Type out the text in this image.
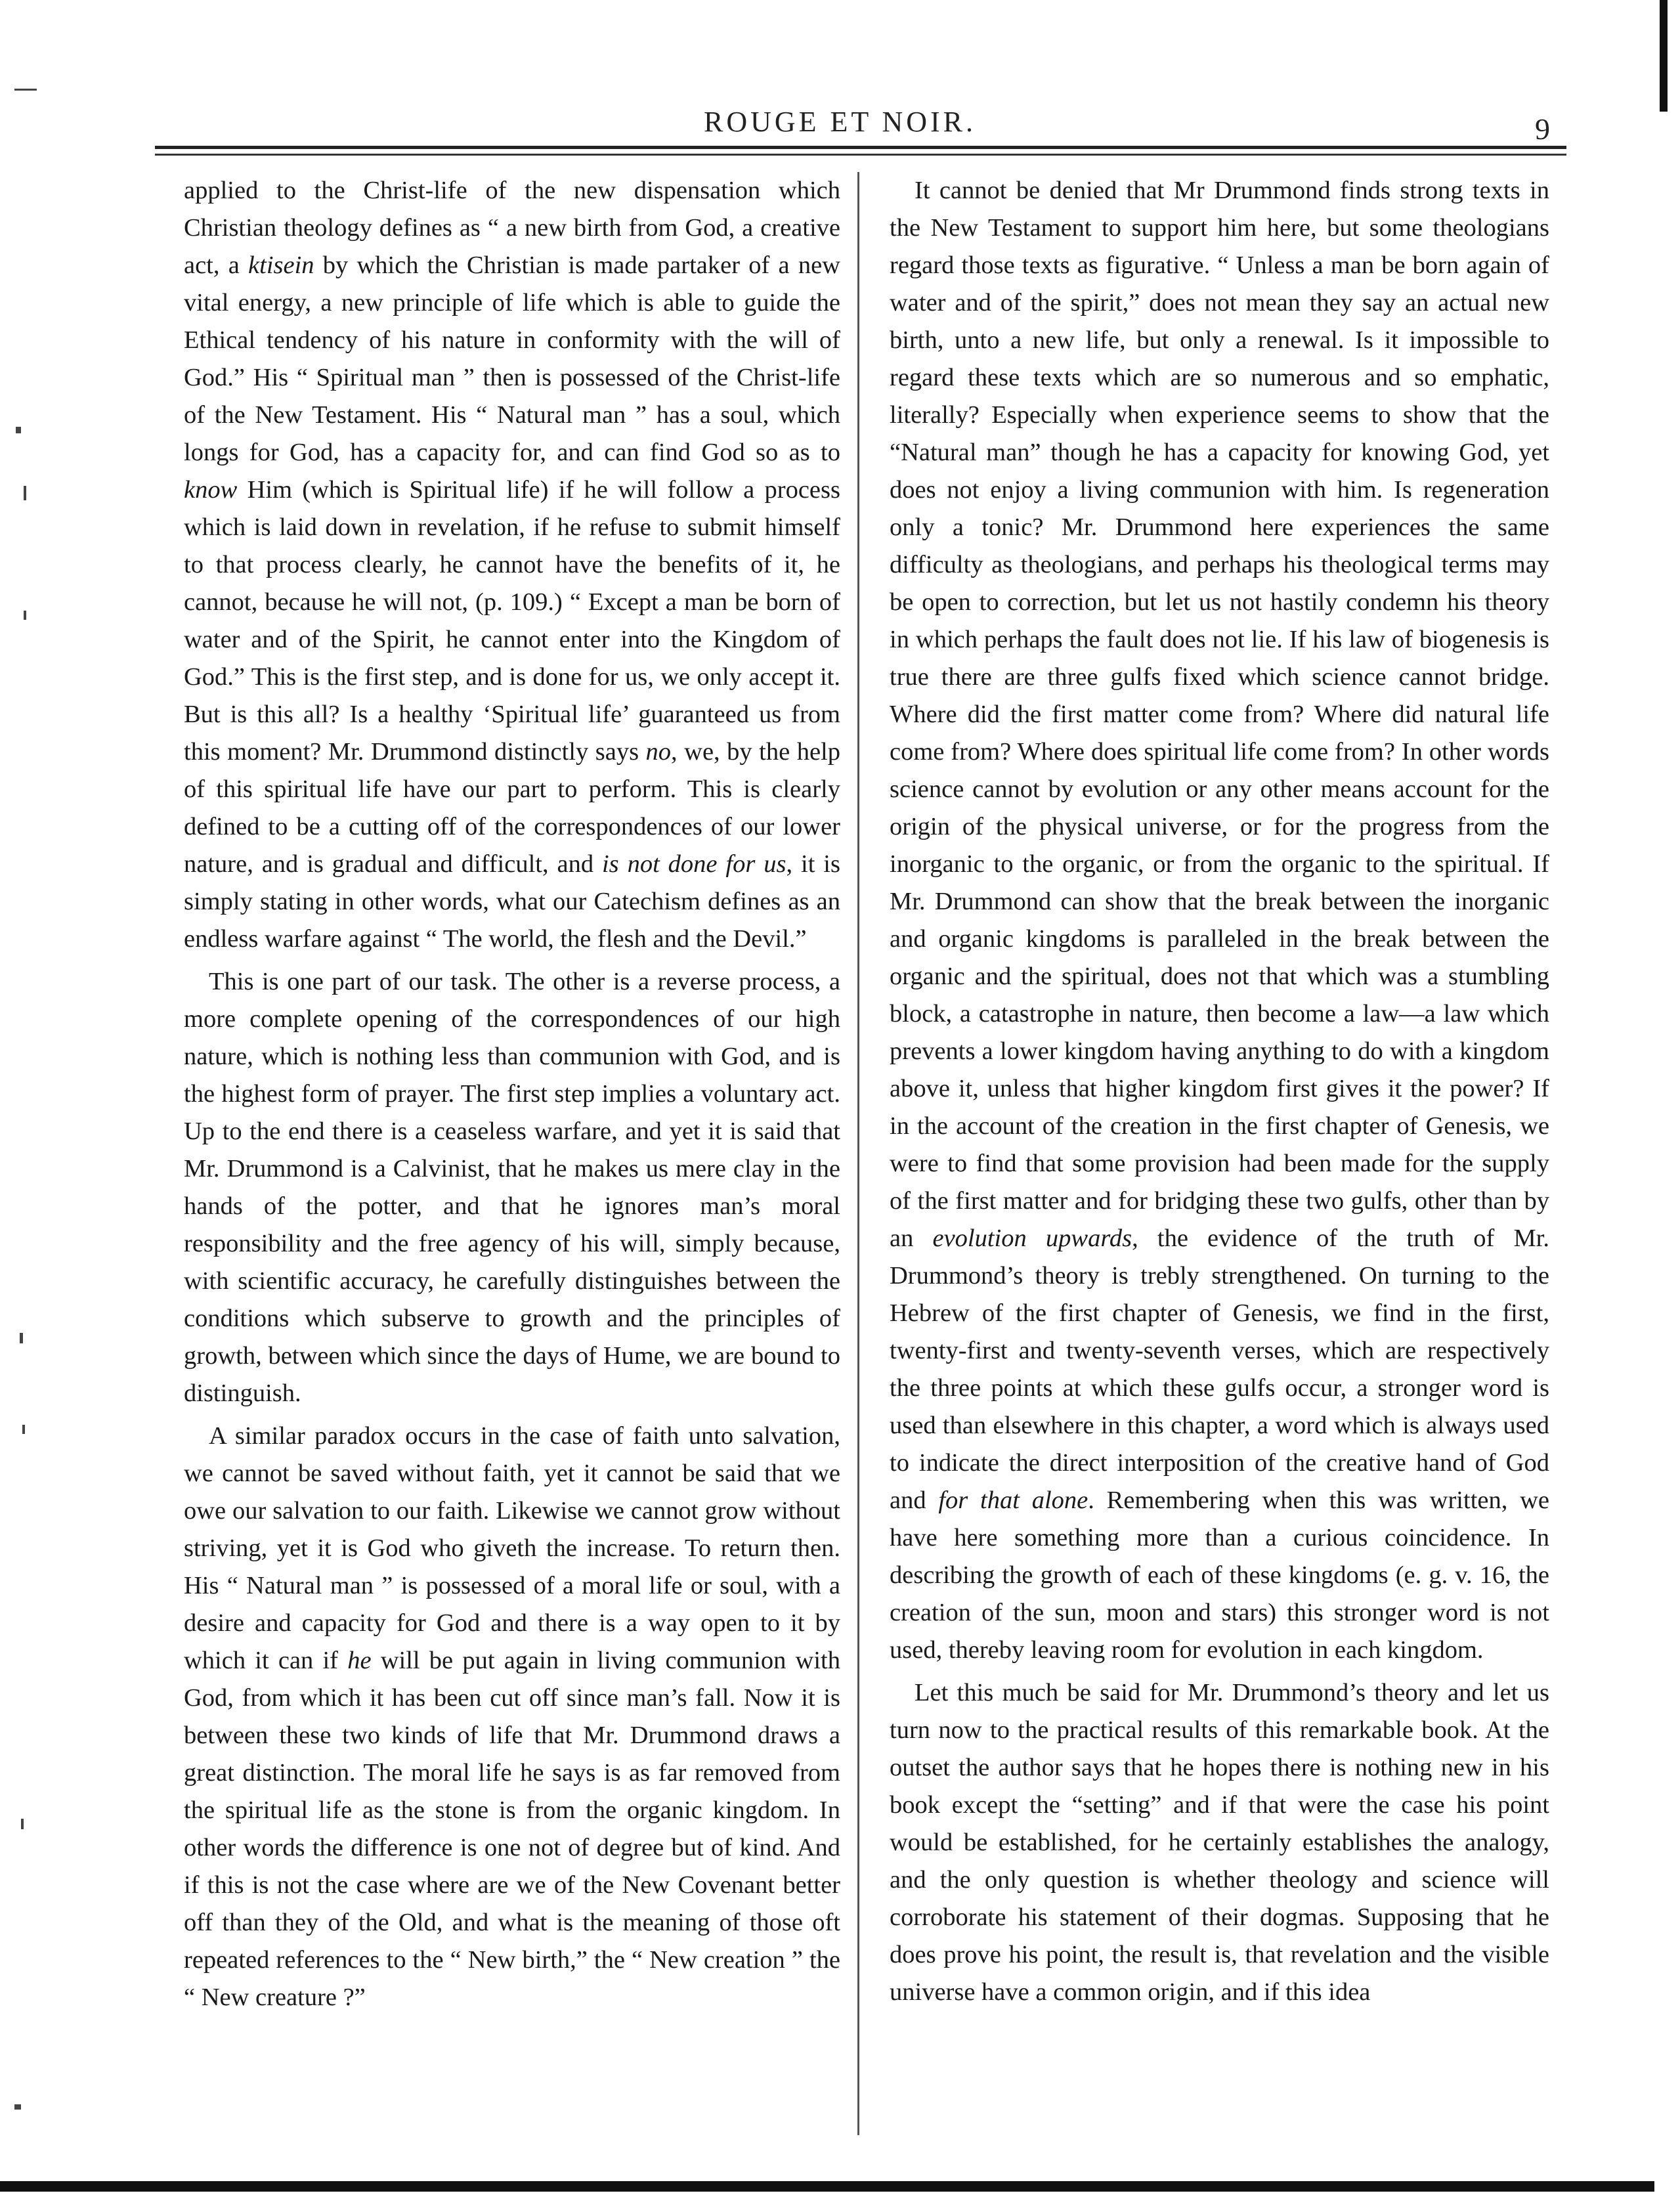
ROUGE ET NOIR.	9

applied to the Christ-life of the new dispensation which Christian theology defines as “ a new birth from God, a creative act, a ktisein by which the Christian is made partaker of a new vital energy, a new principle of life which is able to guide the Ethical tendency of his nature in conformity with the will of God.” His “ Spiritual man ” then is possessed of the Christ-life of the New Testament. His “ Natural man ” has a soul, which longs for God, has a capacity for, and can find God so as to know Him (which is Spiritual life) if he will follow a process which is laid down in revelation, if he refuse to submit himself to that process clearly, he cannot have the benefits of it, he cannot, because he will not, (p. 109.) “ Except a man be born of water and of the Spirit, he cannot enter into the Kingdom of God.” This is the first step, and is done for us, we only accept it. But is this all? Is a healthy ‘Spiritual life’ guaranteed us from this moment? Mr. Drummond distinctly says no, we, by the help of this spiritual life have our part to perform. This is clearly defined to be a cutting off of the correspondences of our lower nature, and is gradual and difficult, and is not done for us, it is simply stating in other words, what our Catechism defines as an endless warfare against “ The world, the flesh and the Devil.”

This is one part of our task. The other is a reverse process, a more complete opening of the correspondences of our high nature, which is nothing less than communion with God, and is the highest form of prayer. The first step implies a voluntary act. Up to the end there is a ceaseless warfare, and yet it is said that Mr. Drummond is a Calvinist, that he makes us mere clay in the hands of the potter, and that he ignores man’s moral responsibility and the free agency of his will, simply because, with scientific accuracy, he carefully distinguishes between the conditions which subserve to growth and the principles of growth, between which since the days of Hume, we are bound to distinguish.

A similar paradox occurs in the case of faith unto salvation, we cannot be saved without faith, yet it cannot be said that we owe our salvation to our faith. Likewise we cannot grow without striving, yet it is God who giveth the increase. To return then. His “ Natural man ” is possessed of a moral life or soul, with a desire and capacity for God and there is a way open to it by which it can if he will be put again in living communion with God, from which it has been cut off since man’s fall. Now it is between these two kinds of life that Mr. Drummond draws a great distinction. The moral life he says is as far removed from the spiritual life as the stone is from the organic kingdom. In other words the difference is one not of degree but of kind. And if this is not the case where are we of the New Covenant better off than they of the Old, and what is the meaning of those oft repeated references to the “ New birth,” the “ New creation ” the “ New creature ?”

It cannot be denied that Mr Drummond finds strong texts in the New Testament to support him here, but some theologians regard those texts as figurative. “ Unless a man be born again of water and of the spirit,” does not mean they say an actual new birth, unto a new life, but only a renewal. Is it impossible to regard these texts which are so numerous and so emphatic, literally? Especially when experience seems to show that the “Natural man” though he has a capacity for knowing God, yet does not enjoy a living communion with him. Is regeneration only a tonic? Mr. Drummond here experiences the same difficulty as theologians, and perhaps his theological terms may be open to correction, but let us not hastily condemn his theory in which perhaps the fault does not lie. If his law of biogenesis is true there are three gulfs fixed which science cannot bridge. Where did the first matter come from? Where did natural life come from? Where does spiritual life come from? In other words science cannot by evolution or any other means account for the origin of the physical universe, or for the progress from the inorganic to the organic, or from the organic to the spiritual. If Mr. Drummond can show that the break between the inorganic and organic kingdoms is paralleled in the break between the organic and the spiritual, does not that which was a stumbling block, a catastrophe in nature, then become a law—a law which prevents a lower kingdom having anything to do with a kingdom above it, unless that higher kingdom first gives it the power? If in the account of the creation in the first chapter of Genesis, we were to find that some provision had been made for the supply of the first matter and for bridging these two gulfs, other than by an evolution upwards, the evidence of the truth of Mr. Drummond’s theory is trebly strengthened. On turning to the Hebrew of the first chapter of Genesis, we find in the first, twenty-first and twenty-seventh verses, which are respectively the three points at which these gulfs occur, a stronger word is used than elsewhere in this chapter, a word which is always used to indicate the direct interposition of the creative hand of God and for that alone. Remembering when this was written, we have here something more than a curious coincidence. In describing the growth of each of these kingdoms (e. g. v. 16, the creation of the sun, moon and stars) this stronger word is not used, thereby leaving room for evolution in each kingdom.

Let this much be said for Mr. Drummond’s theory and let us turn now to the practical results of this remarkable book. At the outset the author says that he hopes there is nothing new in his book except the “setting” and if that were the case his point would be established, for he certainly establishes the analogy, and the only question is whether theology and science will corroborate his statement of their dogmas. Supposing that he does prove his point, the result is, that revelation and the visible universe have a common origin, and if this idea
